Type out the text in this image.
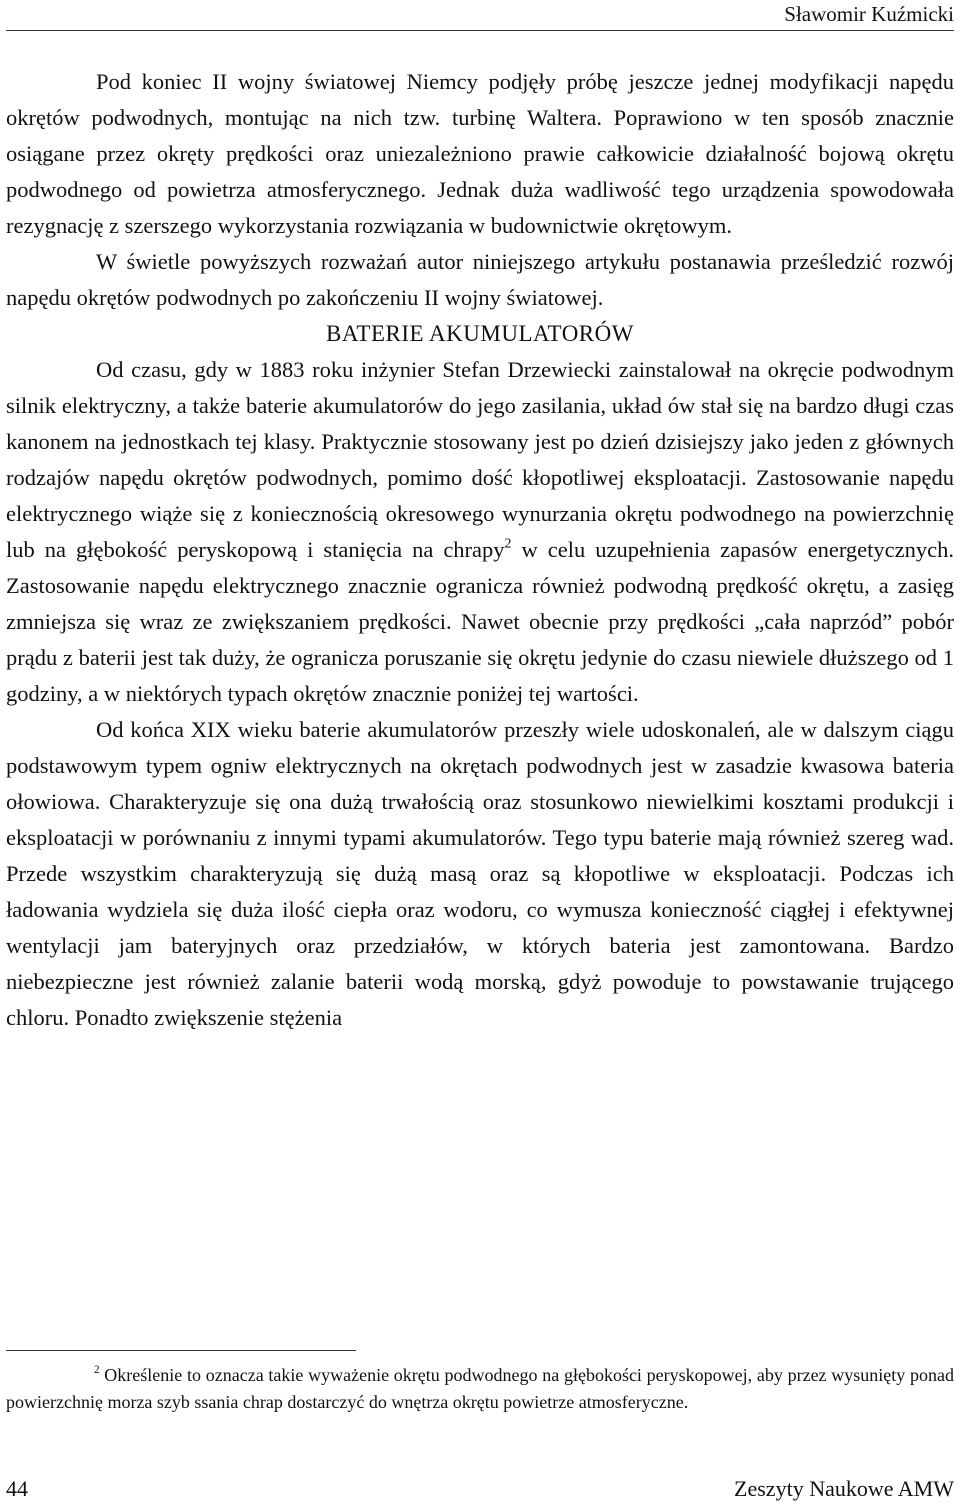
Sławomir Kuźmicki

Pod koniec II wojny światowej Niemcy podjęły próbę jeszcze jednej modyfikacji napędu okrętów podwodnych, montując na nich tzw. turbinę Waltera. Poprawiono w ten sposób znacznie osiągane przez okręty prędkości oraz uniezależniono prawie całkowicie działalność bojową okrętu podwodnego od powietrza atmosferycznego. Jednak duża wadliwość tego urządzenia spowodowała rezygnację z szerszego wykorzystania rozwiązania w budownictwie okrętowym.

W świetle powyższych rozważań autor niniejszego artykułu postanawia prześledzić rozwój napędu okrętów podwodnych po zakończeniu II wojny światowej.

BATERIE AKUMULATORÓW

Od czasu, gdy w 1883 roku inżynier Stefan Drzewiecki zainstalował na okręcie podwodnym silnik elektryczny, a także baterie akumulatorów do jego zasilania, układ ów stał się na bardzo długi czas kanonem na jednostkach tej klasy. Praktycznie stosowany jest po dzień dzisiejszy jako jeden z głównych rodzajów napędu okrętów podwodnych, pomimo dość kłopotliwej eksploatacji. Zastosowanie napędu elektrycznego wiąże się z koniecznością okresowego wynurzania okrętu podwodnego na powierzchnię lub na głębokość peryskopową i stanięcia na chrapy$^2$ w celu uzupełnienia zapasów energetycznych. Zastosowanie napędu elektrycznego znacznie ogranicza również podwodną prędkość okrętu, a zasięg zmniejsza się wraz ze zwiększaniem prędkości. Nawet obecnie przy prędkości „cała naprzód” pobór prądu z baterii jest tak duży, że ogranicza poruszanie się okrętu jedynie do czasu niewiele dłuższego od 1 godziny, a w niektórych typach okrętów znacznie poniżej tej wartości.

Od końca XIX wieku baterie akumulatorów przeszły wiele udoskonaleń, ale w dalszym ciągu podstawowym typem ogniw elektrycznych na okrętach podwodnych jest w zasadzie kwasowa bateria ołowiowa. Charakteryzuje się ona dużą trwałością oraz stosunkowo niewielkimi kosztami produkcji i eksploatacji w porównaniu z innymi typami akumulatorów. Tego typu baterie mają również szereg wad. Przede wszystkim charakteryzują się dużą masą oraz są kłopotliwe w eksploatacji. Podczas ich ładowania wydziela się duża ilość ciepła oraz wodoru, co wymusza konieczność ciągłej i efektywnej wentylacji jam bateryjnych oraz przedziałów, w których bateria jest zamontowana. Bardzo niebezpieczne jest również zalanie baterii wodą morską, gdyż powoduje to powstawanie trującego chloru. Ponadto zwiększenie stężenia

$^2$ Określenie to oznacza takie wyważenie okrętu podwodnego na głębokości peryskopowej, aby przez wysunięty ponad powierzchnię morza szyb ssania chrap dostarczyć do wnętrza okrętu powietrze atmosferyczne.
44	Zeszyty Naukowe AMW
